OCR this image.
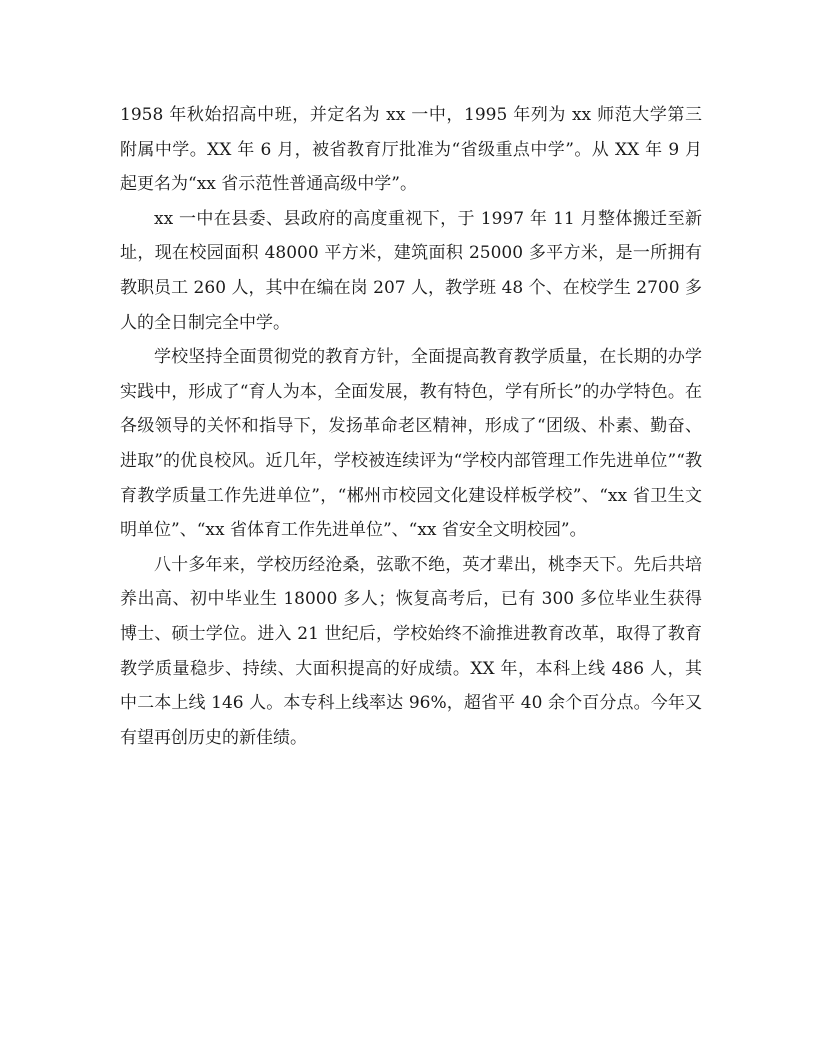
1958 年秋始招高中班，并定名为 xx 一中，1995 年列为 xx 师范大学第三附属中学。XX 年 6 月，被省教育厅批准为“省级重点中学”。从 XX 年 9 月起更名为“xx 省示范性普通高级中学”。

xx 一中在县委、县政府的高度重视下，于 1997 年 11 月整体搬迁至新址，现在校园面积 48000 平方米，建筑面积 25000 多平方米，是一所拥有教职员工 260 人，其中在编在岗 207 人，教学班 48 个、在校学生 2700 多人的全日制完全中学。

学校坚持全面贯彻党的教育方针，全面提高教育教学质量，在长期的办学实践中，形成了“育人为本，全面发展，教有特色，学有所长”的办学特色。在各级领导的关怀和指导下，发扬革命老区精神，形成了“团级、朴素、勤奋、进取”的优良校风。近几年，学校被连续评为“学校内部管理工作先进单位”“教育教学质量工作先进单位”，“郴州市校园文化建设样板学校”、“xx 省卫生文明单位”、“xx 省体育工作先进单位”、“xx 省安全文明校园”。

八十多年来，学校历经沧桑，弦歌不绝，英才辈出，桃李天下。先后共培养出高、初中毕业生 18000 多人；恢复高考后，已有 300 多位毕业生获得博士、硕士学位。进入 21 世纪后，学校始终不渝推进教育改革，取得了教育教学质量稳步、持续、大面积提高的好成绩。XX 年，本科上线 486 人，其中二本上线 146 人。本专科上线率达 96%，超省平 40 余个百分点。今年又有望再创历史的新佳绩。
